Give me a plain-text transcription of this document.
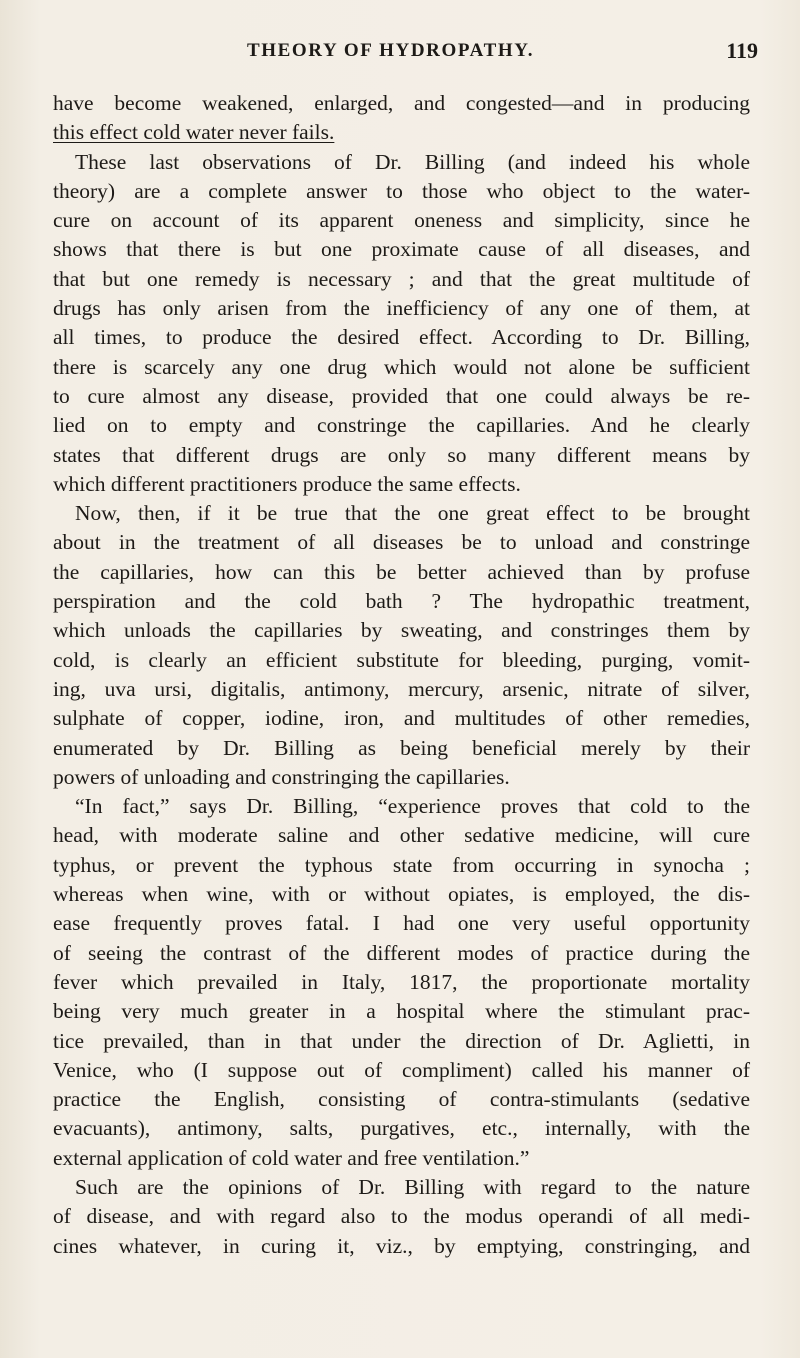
THEORY OF HYDROPATHY.	119
have become weakened, enlarged, and congested—and in producing
this effect cold water never fails.
These last observations of Dr. Billing (and indeed his whole
theory) are a complete answer to those who object to the water-
cure on account of its apparent oneness and simplicity, since he
shows that there is but one proximate cause of all diseases, and
that but one remedy is necessary ; and that the great multitude of
drugs has only arisen from the inefficiency of any one of them, at
all times, to produce the desired effect. According to Dr. Billing,
there is scarcely any one drug which would not alone be sufficient
to cure almost any disease, provided that one could always be re-
lied on to empty and constringe the capillaries. And he clearly
states that different drugs are only so many different means by
which different practitioners produce the same effects.
Now, then, if it be true that the one great effect to be brought
about in the treatment of all diseases be to unload and constringe
the capillaries, how can this be better achieved than by profuse
perspiration and the cold bath ? The hydropathic treatment,
which unloads the capillaries by sweating, and constringes them by
cold, is clearly an efficient substitute for bleeding, purging, vomit-
ing, uva ursi, digitalis, antimony, mercury, arsenic, nitrate of silver,
sulphate of copper, iodine, iron, and multitudes of other remedies,
enumerated by Dr. Billing as being beneficial merely by their
powers of unloading and constringing the capillaries.
“In fact,” says Dr. Billing, “experience proves that cold to the
head, with moderate saline and other sedative medicine, will cure
typhus, or prevent the typhous state from occurring in synocha ;
whereas when wine, with or without opiates, is employed, the dis-
ease frequently proves fatal. I had one very useful opportunity
of seeing the contrast of the different modes of practice during the
fever which prevailed in Italy, 1817, the proportionate mortality
being very much greater in a hospital where the stimulant prac-
tice prevailed, than in that under the direction of Dr. Aglietti, in
Venice, who (I suppose out of compliment) called his manner of
practice the English, consisting of contra-stimulants (sedative
evacuants), antimony, salts, purgatives, etc., internally, with the
external application of cold water and free ventilation.”
Such are the opinions of Dr. Billing with regard to the nature
of disease, and with regard also to the modus operandi of all medi-
cines whatever, in curing it, viz., by emptying, constringing, and
